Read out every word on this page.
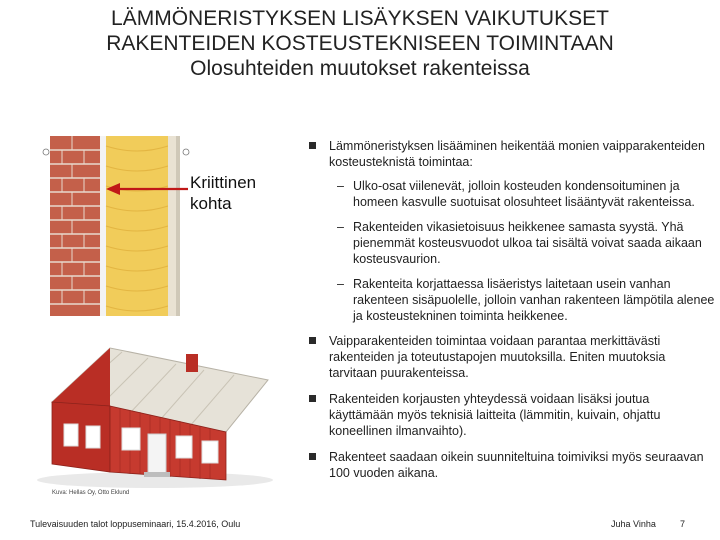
LÄMMÖNERISTYKSEN LISÄYKSEN VAIKUTUKSET
RAKENTEIDEN KOSTEUSTEKNISEEN TOIMINTAAN
Olosuhteiden muutokset rakenteissa
Kriittinen
kohta
Kuva: Hellas Oy, Otto Eklund
Lämmöneristyksen lisääminen heikentää monien vaipparakenteiden kosteusteknistä toimintaa:
– Ulko-osat viilenevät, jolloin kosteuden kondensoituminen ja homeen kasvulle suotuisat olosuhteet lisääntyvät rakenteissa.
– Rakenteiden vikasietoisuus heikkenee samasta syystä. Yhä pienemmät kosteusvuodot ulkoa tai sisältä voivat saada aikaan kosteusvaurion.
– Rakenteita korjattaessa lisäeristys laitetaan usein vanhan rakenteen sisäpuolelle, jolloin vanhan rakenteen lämpötila alenee ja kosteustekninen toiminta heikkenee.
Vaipparakenteiden toimintaa voidaan parantaa merkittävästi rakenteiden ja toteutustapojen muutoksilla. Eniten muutoksia tarvitaan puurakenteissa.
Rakenteiden korjausten yhteydessä voidaan lisäksi joutua käyttämään myös teknisiä laitteita (lämmitin, kuivain, ohjattu koneellinen ilmanvaihto).
Rakenteet saadaan oikein suunniteltuina toimiviksi myös seuraavan 100 vuoden aikana.
Tulevaisuuden talot loppuseminaari, 15.4.2016, Oulu	Juha Vinha	7
